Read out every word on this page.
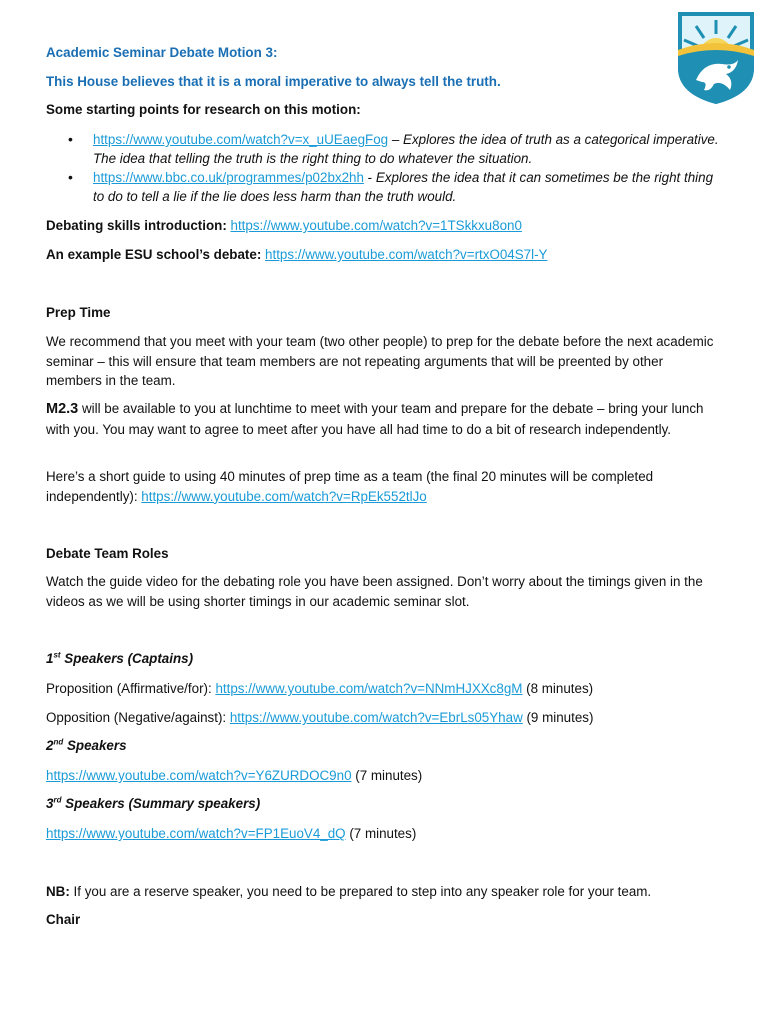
Academic Seminar Debate Motion 3:

This House believes that it is a moral imperative to always tell the truth.

Some starting points for research on this motion:

• https://www.youtube.com/watch?v=x_uUEaegFog – Explores the idea of truth as a categorical imperative. The idea that telling the truth is the right thing to do whatever the situation.
• https://www.bbc.co.uk/programmes/p02bx2hh - Explores the idea that it can sometimes be the right thing to do to tell a lie if the lie does less harm than the truth would.

Debating skills introduction: https://www.youtube.com/watch?v=1TSkkxu8on0

An example ESU school’s debate: https://www.youtube.com/watch?v=rtxO04S7l-Y

Prep Time

We recommend that you meet with your team (two other people) to prep for the debate before the next academic seminar – this will ensure that team members are not repeating arguments that will be preented by other members in the team.

M2.3 will be available to you at lunchtime to meet with your team and prepare for the debate – bring your lunch with you. You may want to agree to meet after you have all had time to do a bit of research independently.

Here’s a short guide to using 40 minutes of prep time as a team (the final 20 minutes will be completed independently): https://www.youtube.com/watch?v=RpEk552tlJo

Debate Team Roles

Watch the guide video for the debating role you have been assigned. Don’t worry about the timings given in the videos as we will be using shorter timings in our academic seminar slot.

1st Speakers (Captains)

Proposition (Affirmative/for): https://www.youtube.com/watch?v=NNmHJXXc8gM (8 minutes)

Opposition (Negative/against): https://www.youtube.com/watch?v=EbrLs05Yhaw (9 minutes)

2nd Speakers

https://www.youtube.com/watch?v=Y6ZURDOC9n0 (7 minutes)

3rd Speakers (Summary speakers)

https://www.youtube.com/watch?v=FP1EuoV4_dQ (7 minutes)

NB: If you are a reserve speaker, you need to be prepared to step into any speaker role for your team.

Chair
